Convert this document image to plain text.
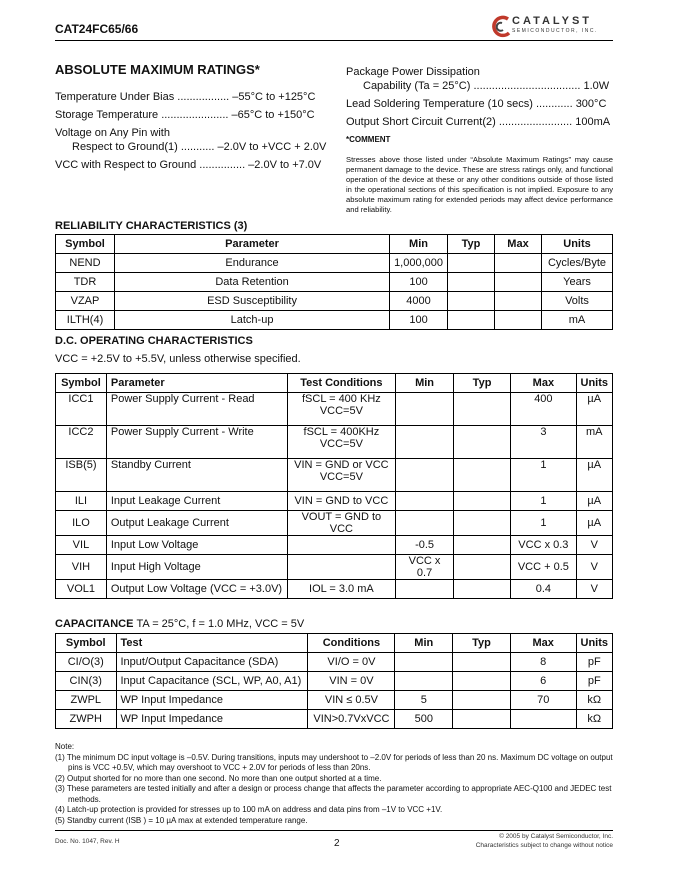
CAT24FC65/66
CATALYST
SEMICONDUCTOR, INC.
ABSOLUTE MAXIMUM RATINGS*
Temperature Under Bias ................. –55°C to +125°C
Storage Temperature ...................... –65°C to +150°C
Voltage on Any Pin with
Respect to Ground(1) ........... –2.0V to +VCC + 2.0V
VCC with Respect to Ground ............... –2.0V to +7.0V
Package Power Dissipation
Capability (Ta = 25°C) ................................... 1.0W
Lead Soldering Temperature (10 secs) ............ 300°C
Output Short Circuit Current(2) ........................ 100mA
*COMMENT
Stresses above those listed under “Absolute Maximum Ratings” may cause permanent damage to the device. These are stress ratings only, and functional operation of the device at these or any other conditions outside of those listed in the operational sections of this specification is not implied. Exposure to any absolute maximum rating for extended periods may affect device performance and reliability.
RELIABILITY CHARACTERISTICS (3)
Symbol	Parameter	Min	Typ	Max	Units
NEND	Endurance	1,000,000			Cycles/Byte
TDR	Data Retention	100			Years
VZAP	ESD Susceptibility	4000			Volts
ILTH(4)	Latch-up	100			mA
D.C. OPERATING CHARACTERISTICS
VCC = +2.5V to +5.5V, unless otherwise specified.
Symbol	Parameter	Test Conditions	Min	Typ	Max	Units
ICC1	Power Supply Current - Read	fSCL = 400 KHz
VCC=5V			400	µA
ICC2	Power Supply Current - Write	fSCL = 400KHz
VCC=5V			3	mA
ISB(5)	Standby Current	VIN = GND or VCC
VCC=5V			1	µA
ILI	Input Leakage Current	VIN = GND to VCC			1	µA
ILO	Output Leakage Current	VOUT = GND to VCC			1	µA
VIL	Input Low Voltage		-0.5		VCC x 0.3	V
VIH	Input High Voltage		VCC x 0.7		VCC + 0.5	V
VOL1	Output Low Voltage (VCC = +3.0V)	IOL = 3.0 mA			0.4	V
CAPACITANCE TA = 25°C, f = 1.0 MHz, VCC = 5V
Symbol	Test	Conditions	Min	Typ	Max	Units
CI/O(3)	Input/Output Capacitance (SDA)	VI/O = 0V			8	pF
CIN(3)	Input Capacitance (SCL, WP, A0, A1)	VIN = 0V			6	pF
ZWPL	WP Input Impedance	VIN ≤ 0.5V	5		70	kΩ
ZWPH	WP Input Impedance	VIN>0.7VxVCC	500			kΩ
Note:
(1) The minimum DC input voltage is –0.5V. During transitions, inputs may undershoot to –2.0V for periods of less than 20 ns. Maximum DC voltage on output pins is VCC +0.5V, which may overshoot to VCC + 2.0V for periods of less than 20ns.
(2) Output shorted for no more than one second. No more than one output shorted at a time.
(3) These parameters are tested initially and after a design or process change that affects the parameter according to appropriate AEC-Q100 and JEDEC test methods.
(4) Latch-up protection is provided for stresses up to 100 mA on address and data pins from –1V to VCC +1V.
(5) Standby current (ISB ) = 10 µA max at extended temperature range.
Doc. No. 1047, Rev. H	2
© 2005 by Catalyst Semiconductor, Inc.
Characteristics subject to change without notice
